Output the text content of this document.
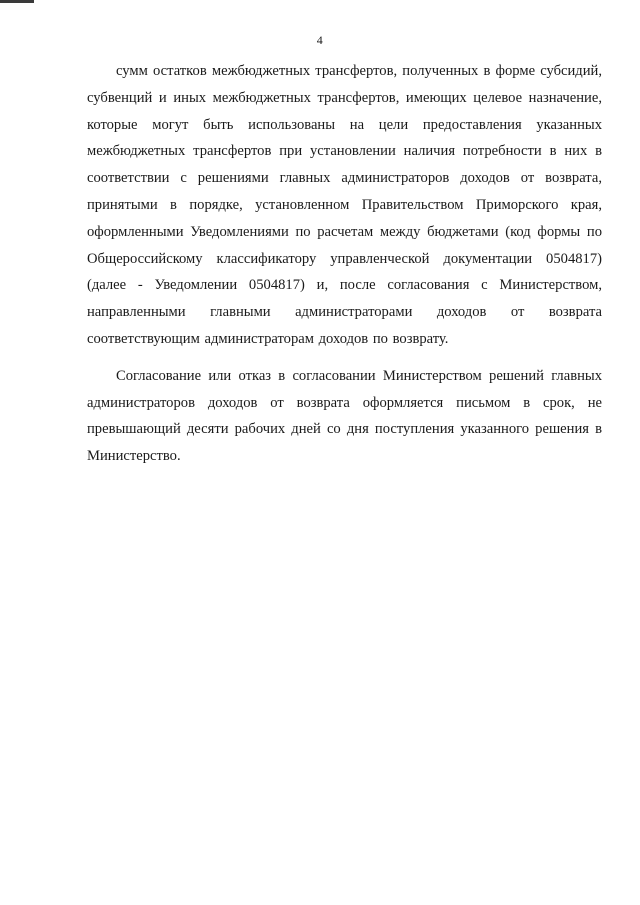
4

сумм остатков межбюджетных трансфертов, полученных в форме субсидий, субвенций и иных межбюджетных трансфертов, имеющих целевое назначение, которые могут быть использованы на цели предоставления указанных межбюджетных трансфертов при установлении наличия потребности в них в соответствии с решениями главных администраторов доходов от возврата, принятыми в порядке, установленном Правительством Приморского края, оформленными Уведомлениями по расчетам между бюджетами (код формы по Общероссийскому классификатору управленческой документации 0504817) (далее - Уведомлении 0504817) и, после согласования с Министерством, направленными главными администраторами доходов от возврата соответствующим администраторам доходов по возврату.

Согласование или отказ в согласовании Министерством решений главных администраторов доходов от возврата оформляется письмом в срок, не превышающий десяти рабочих дней со дня поступления указанного решения в Министерство.
